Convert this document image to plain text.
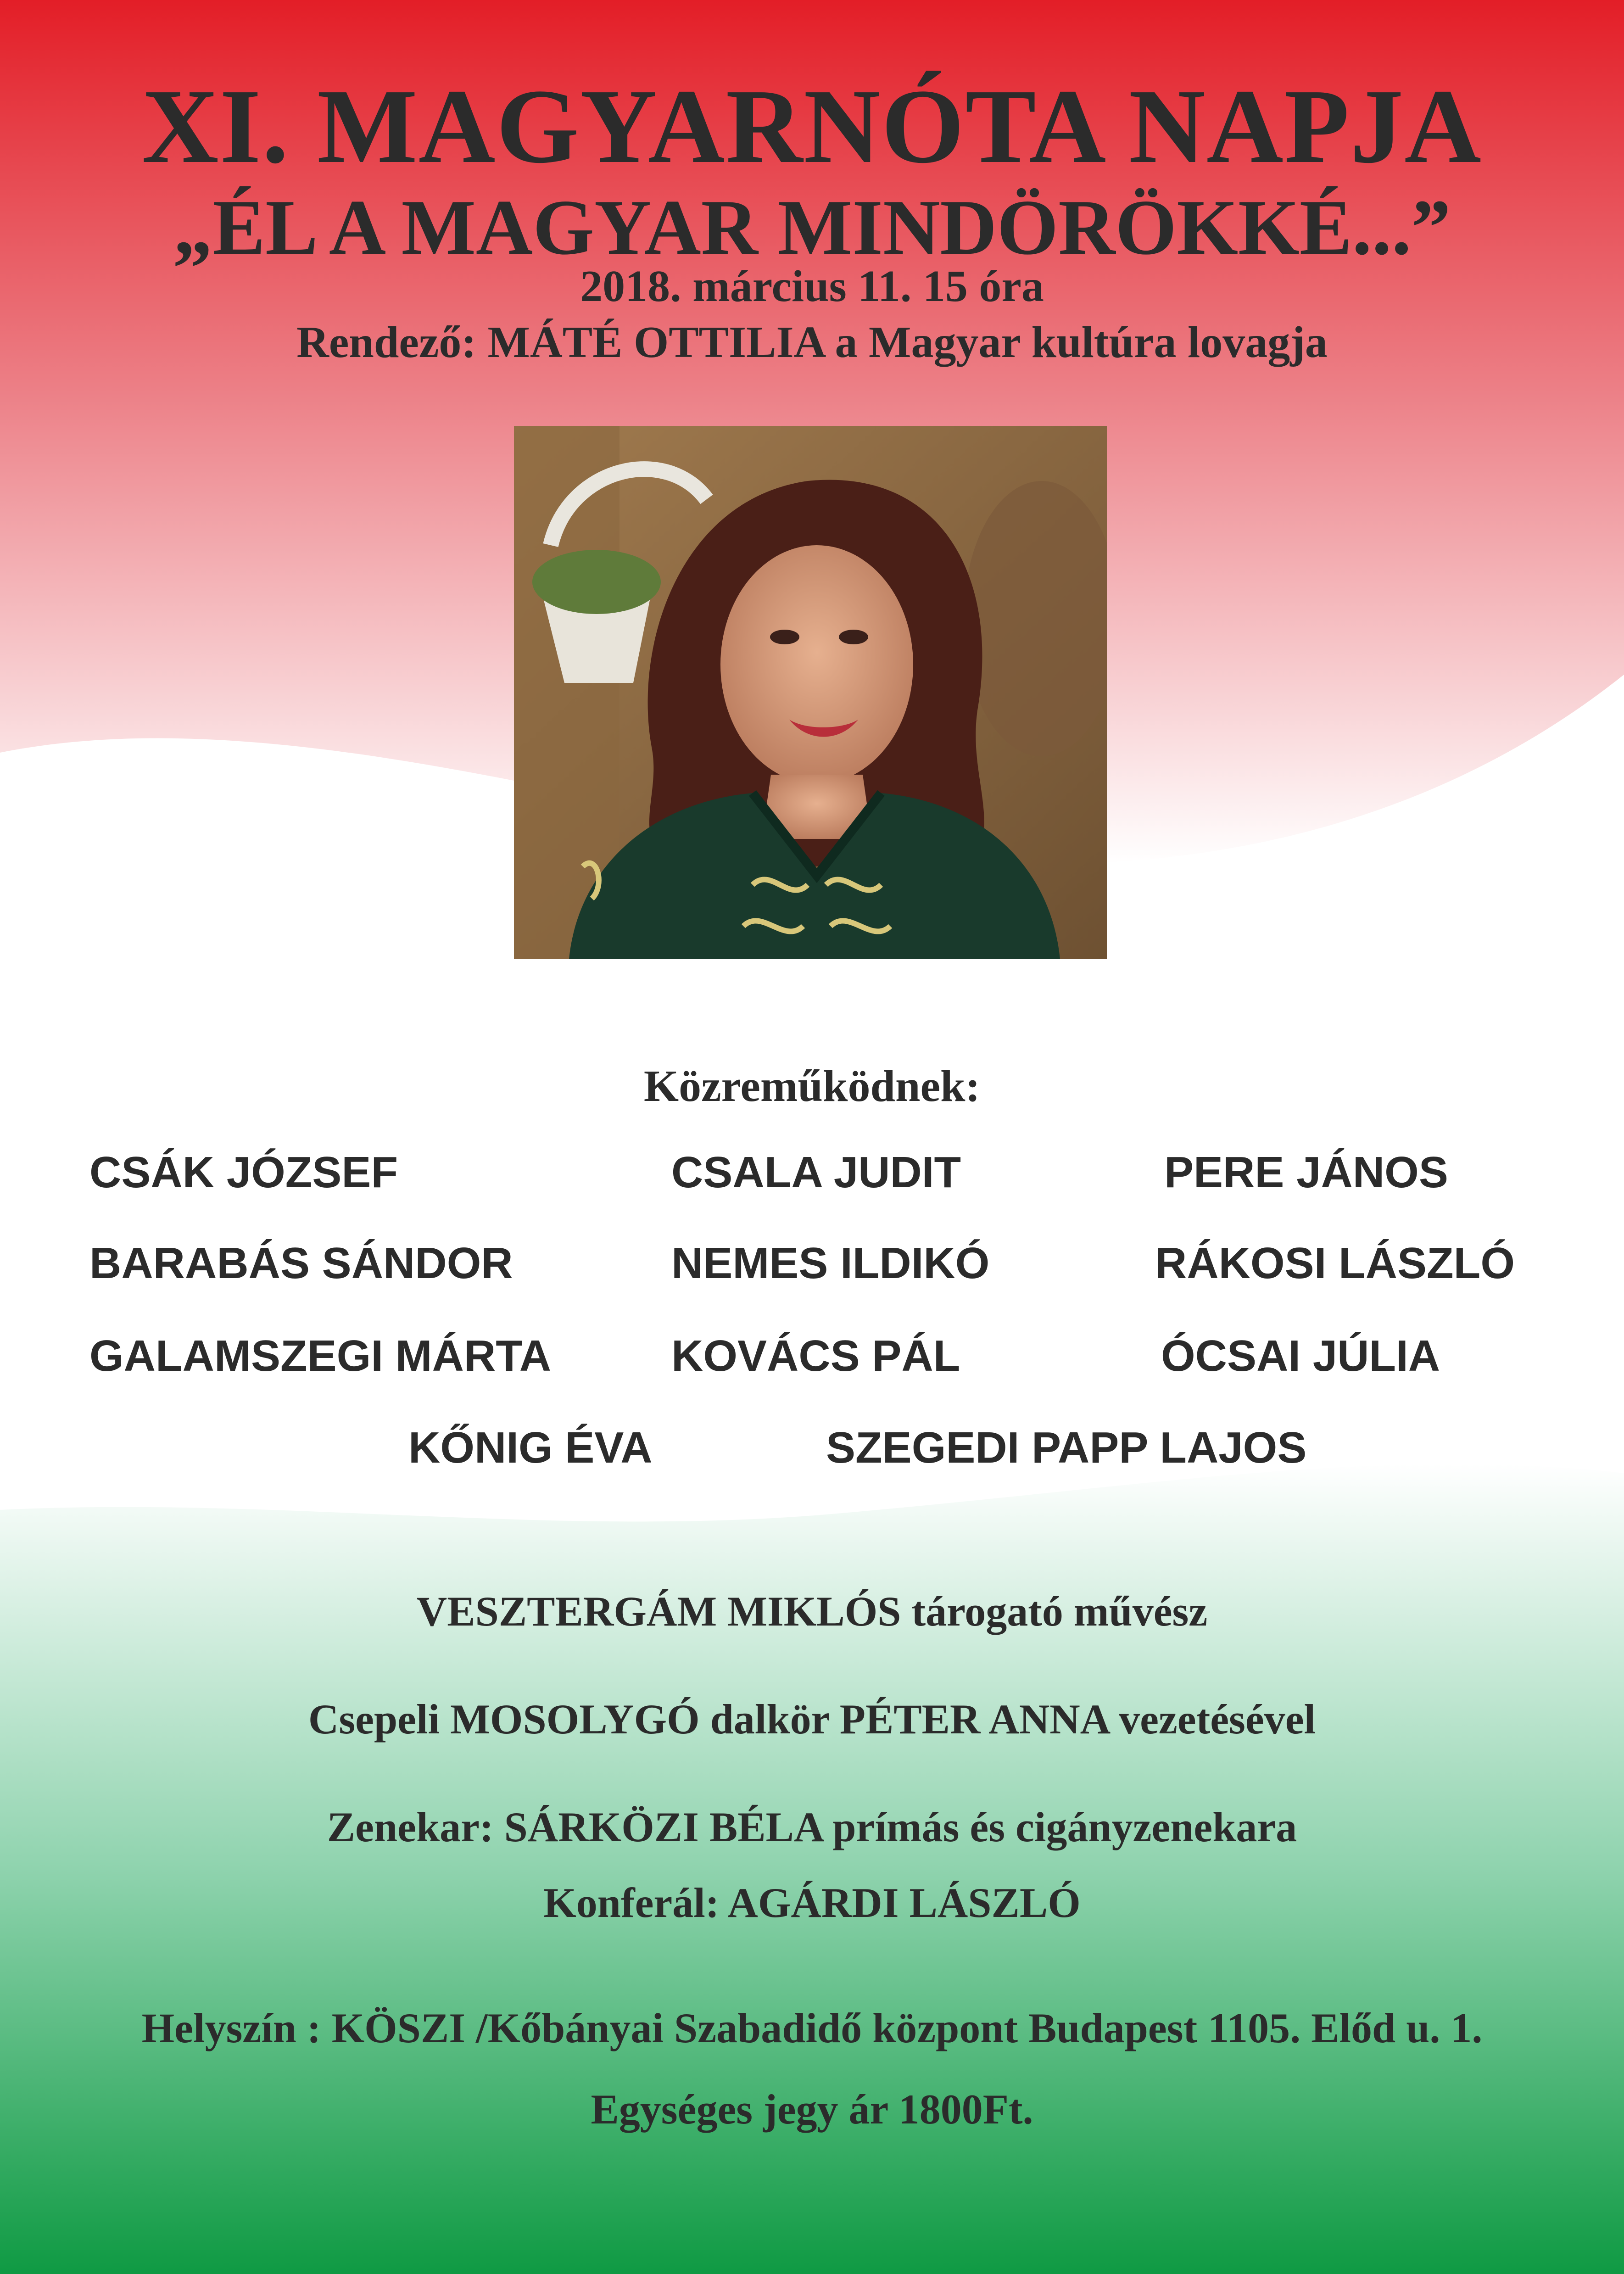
XI. MAGYARNÓTA NAPJA
„ÉL A MAGYAR MINDÖRÖKKÉ...”
2018. március 11. 15 óra
Rendező: MÁTÉ OTTILIA a Magyar kultúra lovagja
Közreműködnek:
CSÁK JÓZSEF	CSALA JUDIT	PERE JÁNOS
BARABÁS SÁNDOR	NEMES ILDIKÓ	RÁKOSI LÁSZLÓ
GALAMSZEGI MÁRTA	KOVÁCS PÁL	ÓCSAI JÚLIA
KŐNIG ÉVA	SZEGEDI PAPP LAJOS
VESZTERGÁM MIKLÓS tárogató művész
Csepeli MOSOLYGÓ dalkör PÉTER ANNA vezetésével
Zenekar: SÁRKÖZI BÉLA prímás és cigányzenekara
Konferál: AGÁRDI LÁSZLÓ
Helyszín : KÖSZI /Kőbányai Szabadidő központ Budapest 1105. Előd u. 1.
Egységes jegy ár 1800Ft.
